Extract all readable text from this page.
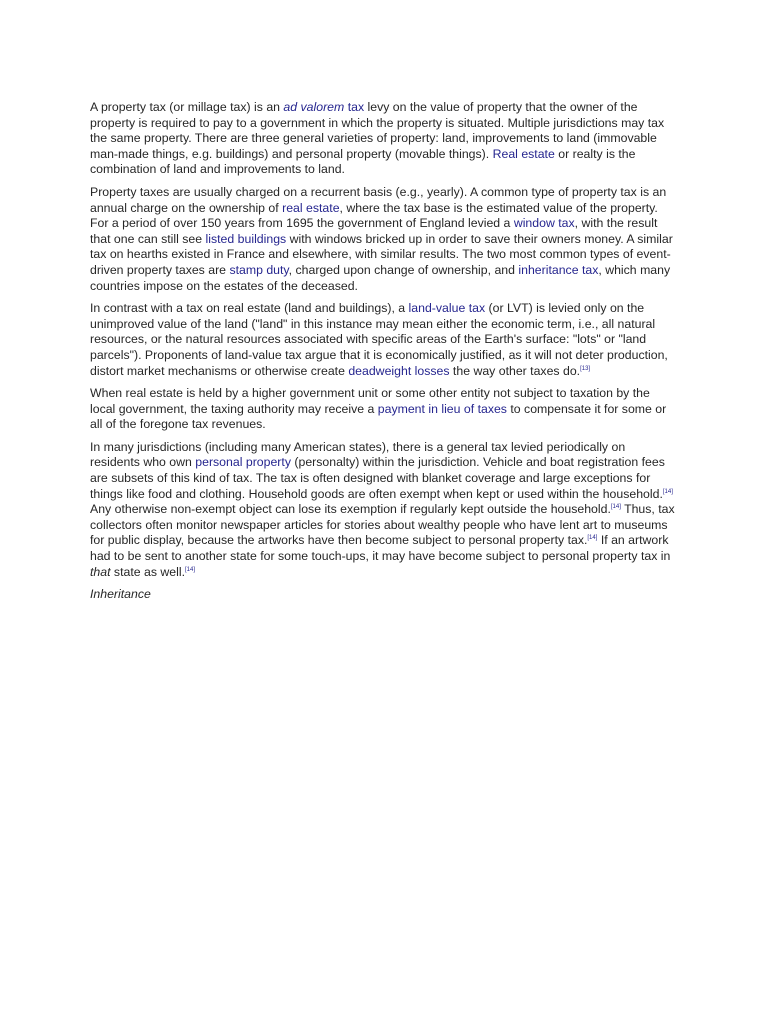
A property tax (or millage tax) is an ad valorem tax levy on the value of property that the owner of the property is required to pay to a government in which the property is situated. Multiple jurisdictions may tax the same property. There are three general varieties of property: land, improvements to land (immovable man-made things, e.g. buildings) and personal property (movable things). Real estate or realty is the combination of land and improvements to land.

Property taxes are usually charged on a recurrent basis (e.g., yearly). A common type of property tax is an annual charge on the ownership of real estate, where the tax base is the estimated value of the property. For a period of over 150 years from 1695 the government of England levied a window tax, with the result that one can still see listed buildings with windows bricked up in order to save their owners money. A similar tax on hearths existed in France and elsewhere, with similar results. The two most common types of event-driven property taxes are stamp duty, charged upon change of ownership, and inheritance tax, which many countries impose on the estates of the deceased.

In contrast with a tax on real estate (land and buildings), a land-value tax (or LVT) is levied only on the unimproved value of the land ("land" in this instance may mean either the economic term, i.e., all natural resources, or the natural resources associated with specific areas of the Earth's surface: "lots" or "land parcels"). Proponents of land-value tax argue that it is economically justified, as it will not deter production, distort market mechanisms or otherwise create deadweight losses the way other taxes do.[13]

When real estate is held by a higher government unit or some other entity not subject to taxation by the local government, the taxing authority may receive a payment in lieu of taxes to compensate it for some or all of the foregone tax revenues.

In many jurisdictions (including many American states), there is a general tax levied periodically on residents who own personal property (personalty) within the jurisdiction. Vehicle and boat registration fees are subsets of this kind of tax. The tax is often designed with blanket coverage and large exceptions for things like food and clothing. Household goods are often exempt when kept or used within the household.[14] Any otherwise non-exempt object can lose its exemption if regularly kept outside the household.[14] Thus, tax collectors often monitor newspaper articles for stories about wealthy people who have lent art to museums for public display, because the artworks have then become subject to personal property tax.[14] If an artwork had to be sent to another state for some touch-ups, it may have become subject to personal property tax in that state as well.[14]

Inheritance
